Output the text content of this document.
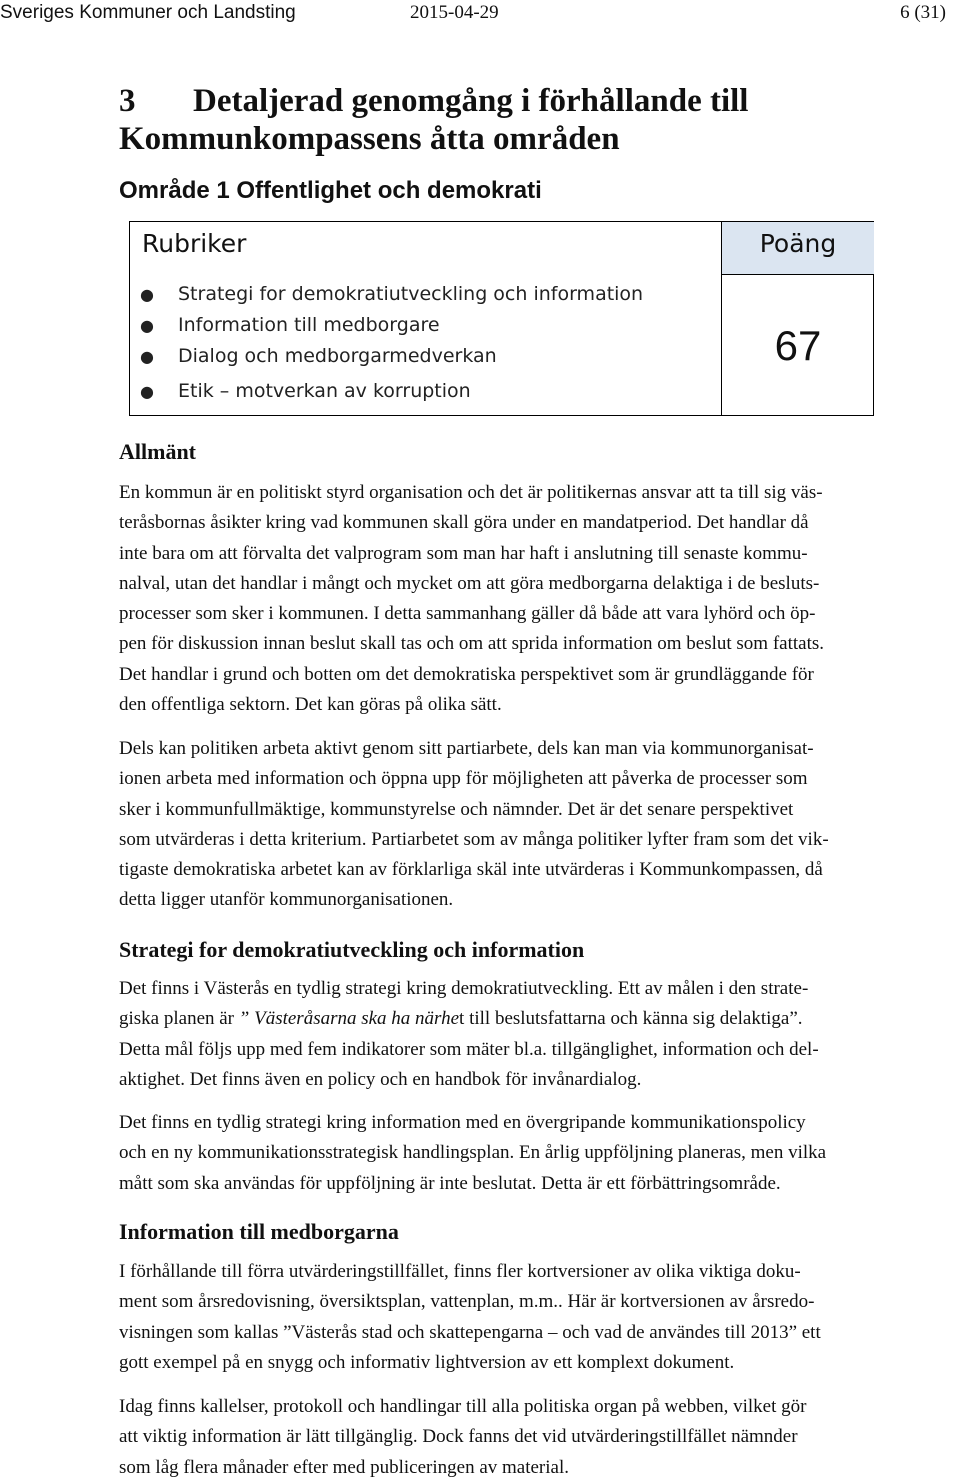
Sveriges Kommuner och Landsting	2015-04-29	6 (31)
3 Detaljerad genomgång i förhållande till
Kommunkompassens åtta områden
Område 1 Offentlighet och demokrati
Rubriker	Poäng
● Strategi for demokratiutveckling och information
● Information till medborgare
● Dialog och medborgarmedverkan
● Etik – motverkan av korruption
67
Allmänt

En kommun är en politiskt styrd organisation och det är politikernas ansvar att ta till sig väs-
teråsbornas åsikter kring vad kommunen skall göra under en mandatperiod. Det handlar då
inte bara om att förvalta det valprogram som man har haft i anslutning till senaste kommu-
nalval, utan det handlar i mångt och mycket om att göra medborgarna delaktiga i de besluts-
processer som sker i kommunen. I detta sammanhang gäller då både att vara lyhörd och öp-
pen för diskussion innan beslut skall tas och om att sprida information om beslut som fattats.
Det handlar i grund och botten om det demokratiska perspektivet som är grundläggande för
den offentliga sektorn. Det kan göras på olika sätt.

Dels kan politiken arbeta aktivt genom sitt partiarbete, dels kan man via kommunorganisat-
ionen arbeta med information och öppna upp för möjligheten att påverka de processer som
sker i kommunfullmäktige, kommunstyrelse och nämnder. Det är det senare perspektivet
som utvärderas i detta kriterium. Partiarbetet som av många politiker lyfter fram som det vik-
tigaste demokratiska arbetet kan av förklarliga skäl inte utvärderas i Kommunkompassen, då
detta ligger utanför kommunorganisationen.

Strategi for demokratiutveckling och information

Det finns i Västerås en tydlig strategi kring demokratiutveckling. Ett av målen i den strate-
giska planen är ” Västeråsarna ska ha närhet till beslutsfattarna och känna sig delaktiga”.
Detta mål följs upp med fem indikatorer som mäter bl.a. tillgänglighet, information och del-
aktighet. Det finns även en policy och en handbok för invånardialog.

Det finns en tydlig strategi kring information med en övergripande kommunikationspolicy
och en ny kommunikationsstrategisk handlingsplan. En årlig uppföljning planeras, men vilka
mått som ska användas för uppföljning är inte beslutat. Detta är ett förbättringsområde.

Information till medborgarna

I förhållande till förra utvärderingstillfället, finns fler kortversioner av olika viktiga doku-
ment som årsredovisning, översiktsplan, vattenplan, m.m.. Här är kortversionen av årsredo-
visningen som kallas ”Västerås stad och skattepengarna – och vad de användes till 2013” ett
gott exempel på en snygg och informativ lightversion av ett komplext dokument.

Idag finns kallelser, protokoll och handlingar till alla politiska organ på webben, vilket gör
att viktig information är lätt tillgänglig. Dock fanns det vid utvärderingstillfället nämnder
som låg flera månader efter med publiceringen av material.
